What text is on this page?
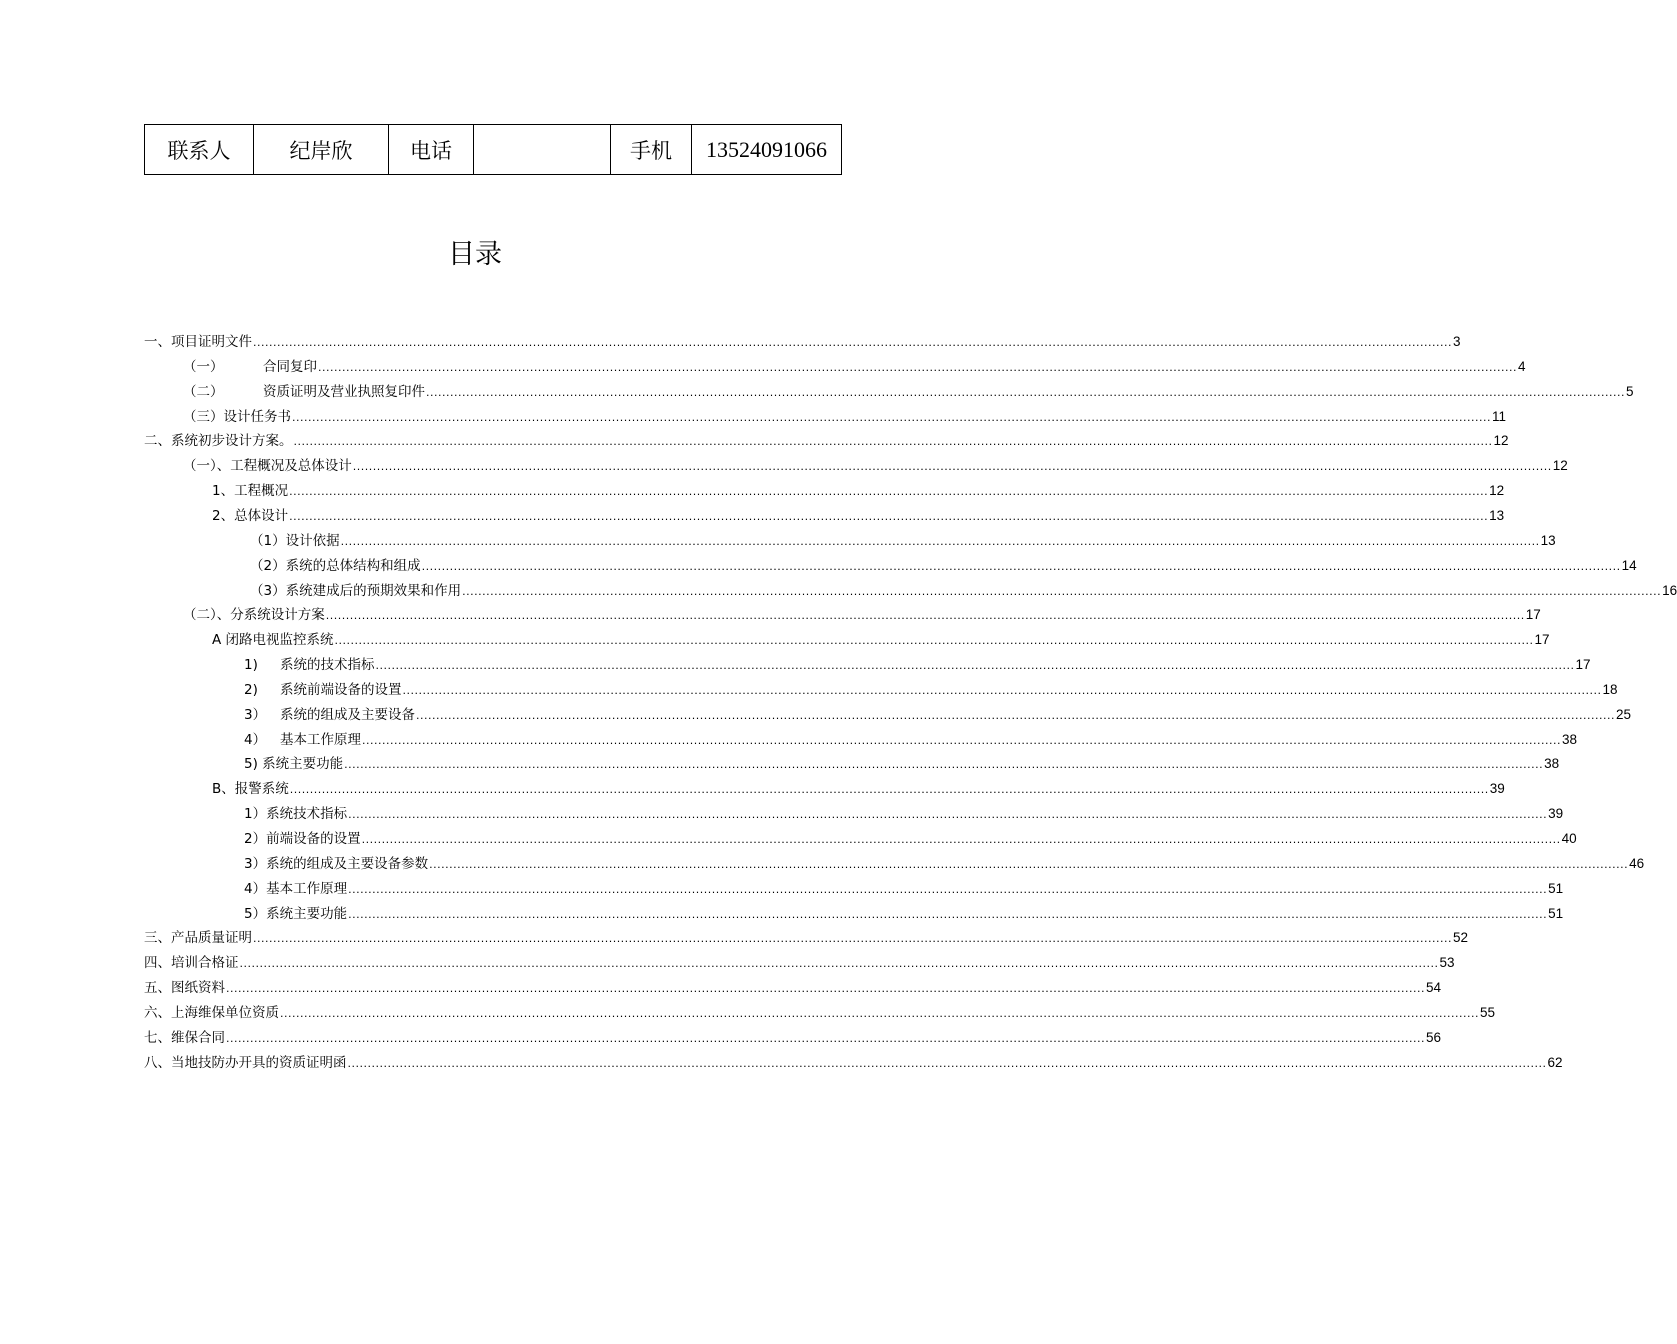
联系人	纪岸欣	电话		手机	13524091066
目录
一、项目证明文件 ............................................................................................................................................................................................................................................................................................................ 3
（一）	合同复印 ............................................................................................................................................................................................................................................................................................................ 4
（二）	资质证明及营业执照复印件 ............................................................................................................................................................................................................................................................................................................ 5
（三）设计任务书 ............................................................................................................................................................................................................................................................................................................ 11
二、系统初步设计方案。 ............................................................................................................................................................................................................................................................................................................ 12
（一）、工程概况及总体设计 ............................................................................................................................................................................................................................................................................................................ 12
1、工程概况 ............................................................................................................................................................................................................................................................................................................ 12
2、总体设计 ............................................................................................................................................................................................................................................................................................................ 13
（1）设计依据 ............................................................................................................................................................................................................................................................................................................ 13
（2）系统的总体结构和组成 ............................................................................................................................................................................................................................................................................................................ 14
（3）系统建成后的预期效果和作用 ............................................................................................................................................................................................................................................................................................................ 16
（二）、分系统设计方案 ............................................................................................................................................................................................................................................................................................................ 17
A 闭路电视监控系统 ............................................................................................................................................................................................................................................................................................................ 17
1) 系统的技术指标 ............................................................................................................................................................................................................................................................................................................ 17
2) 系统前端设备的设置 ............................................................................................................................................................................................................................................................................................................ 18
3） 系统的组成及主要设备 ............................................................................................................................................................................................................................................................................................................ 25
4） 基本工作原理 ............................................................................................................................................................................................................................................................................................................ 38
5) 系统主要功能 ............................................................................................................................................................................................................................................................................................................ 38
B、报警系统 ............................................................................................................................................................................................................................................................................................................ 39
1）系统技术指标 ............................................................................................................................................................................................................................................................................................................ 39
2）前端设备的设置 ............................................................................................................................................................................................................................................................................................................ 40
3）系统的组成及主要设备参数 ............................................................................................................................................................................................................................................................................................................ 46
4）基本工作原理 ............................................................................................................................................................................................................................................................................................................ 51
5）系统主要功能 ............................................................................................................................................................................................................................................................................................................ 51
三、产品质量证明 ............................................................................................................................................................................................................................................................................................................ 52
四、培训合格证 ............................................................................................................................................................................................................................................................................................................ 53
五、图纸资料 ............................................................................................................................................................................................................................................................................................................ 54
六、上海维保单位资质 ............................................................................................................................................................................................................................................................................................................ 55
七、维保合同 ............................................................................................................................................................................................................................................................................................................ 56
八、当地技防办开具的资质证明函 ............................................................................................................................................................................................................................................................................................................ 62
